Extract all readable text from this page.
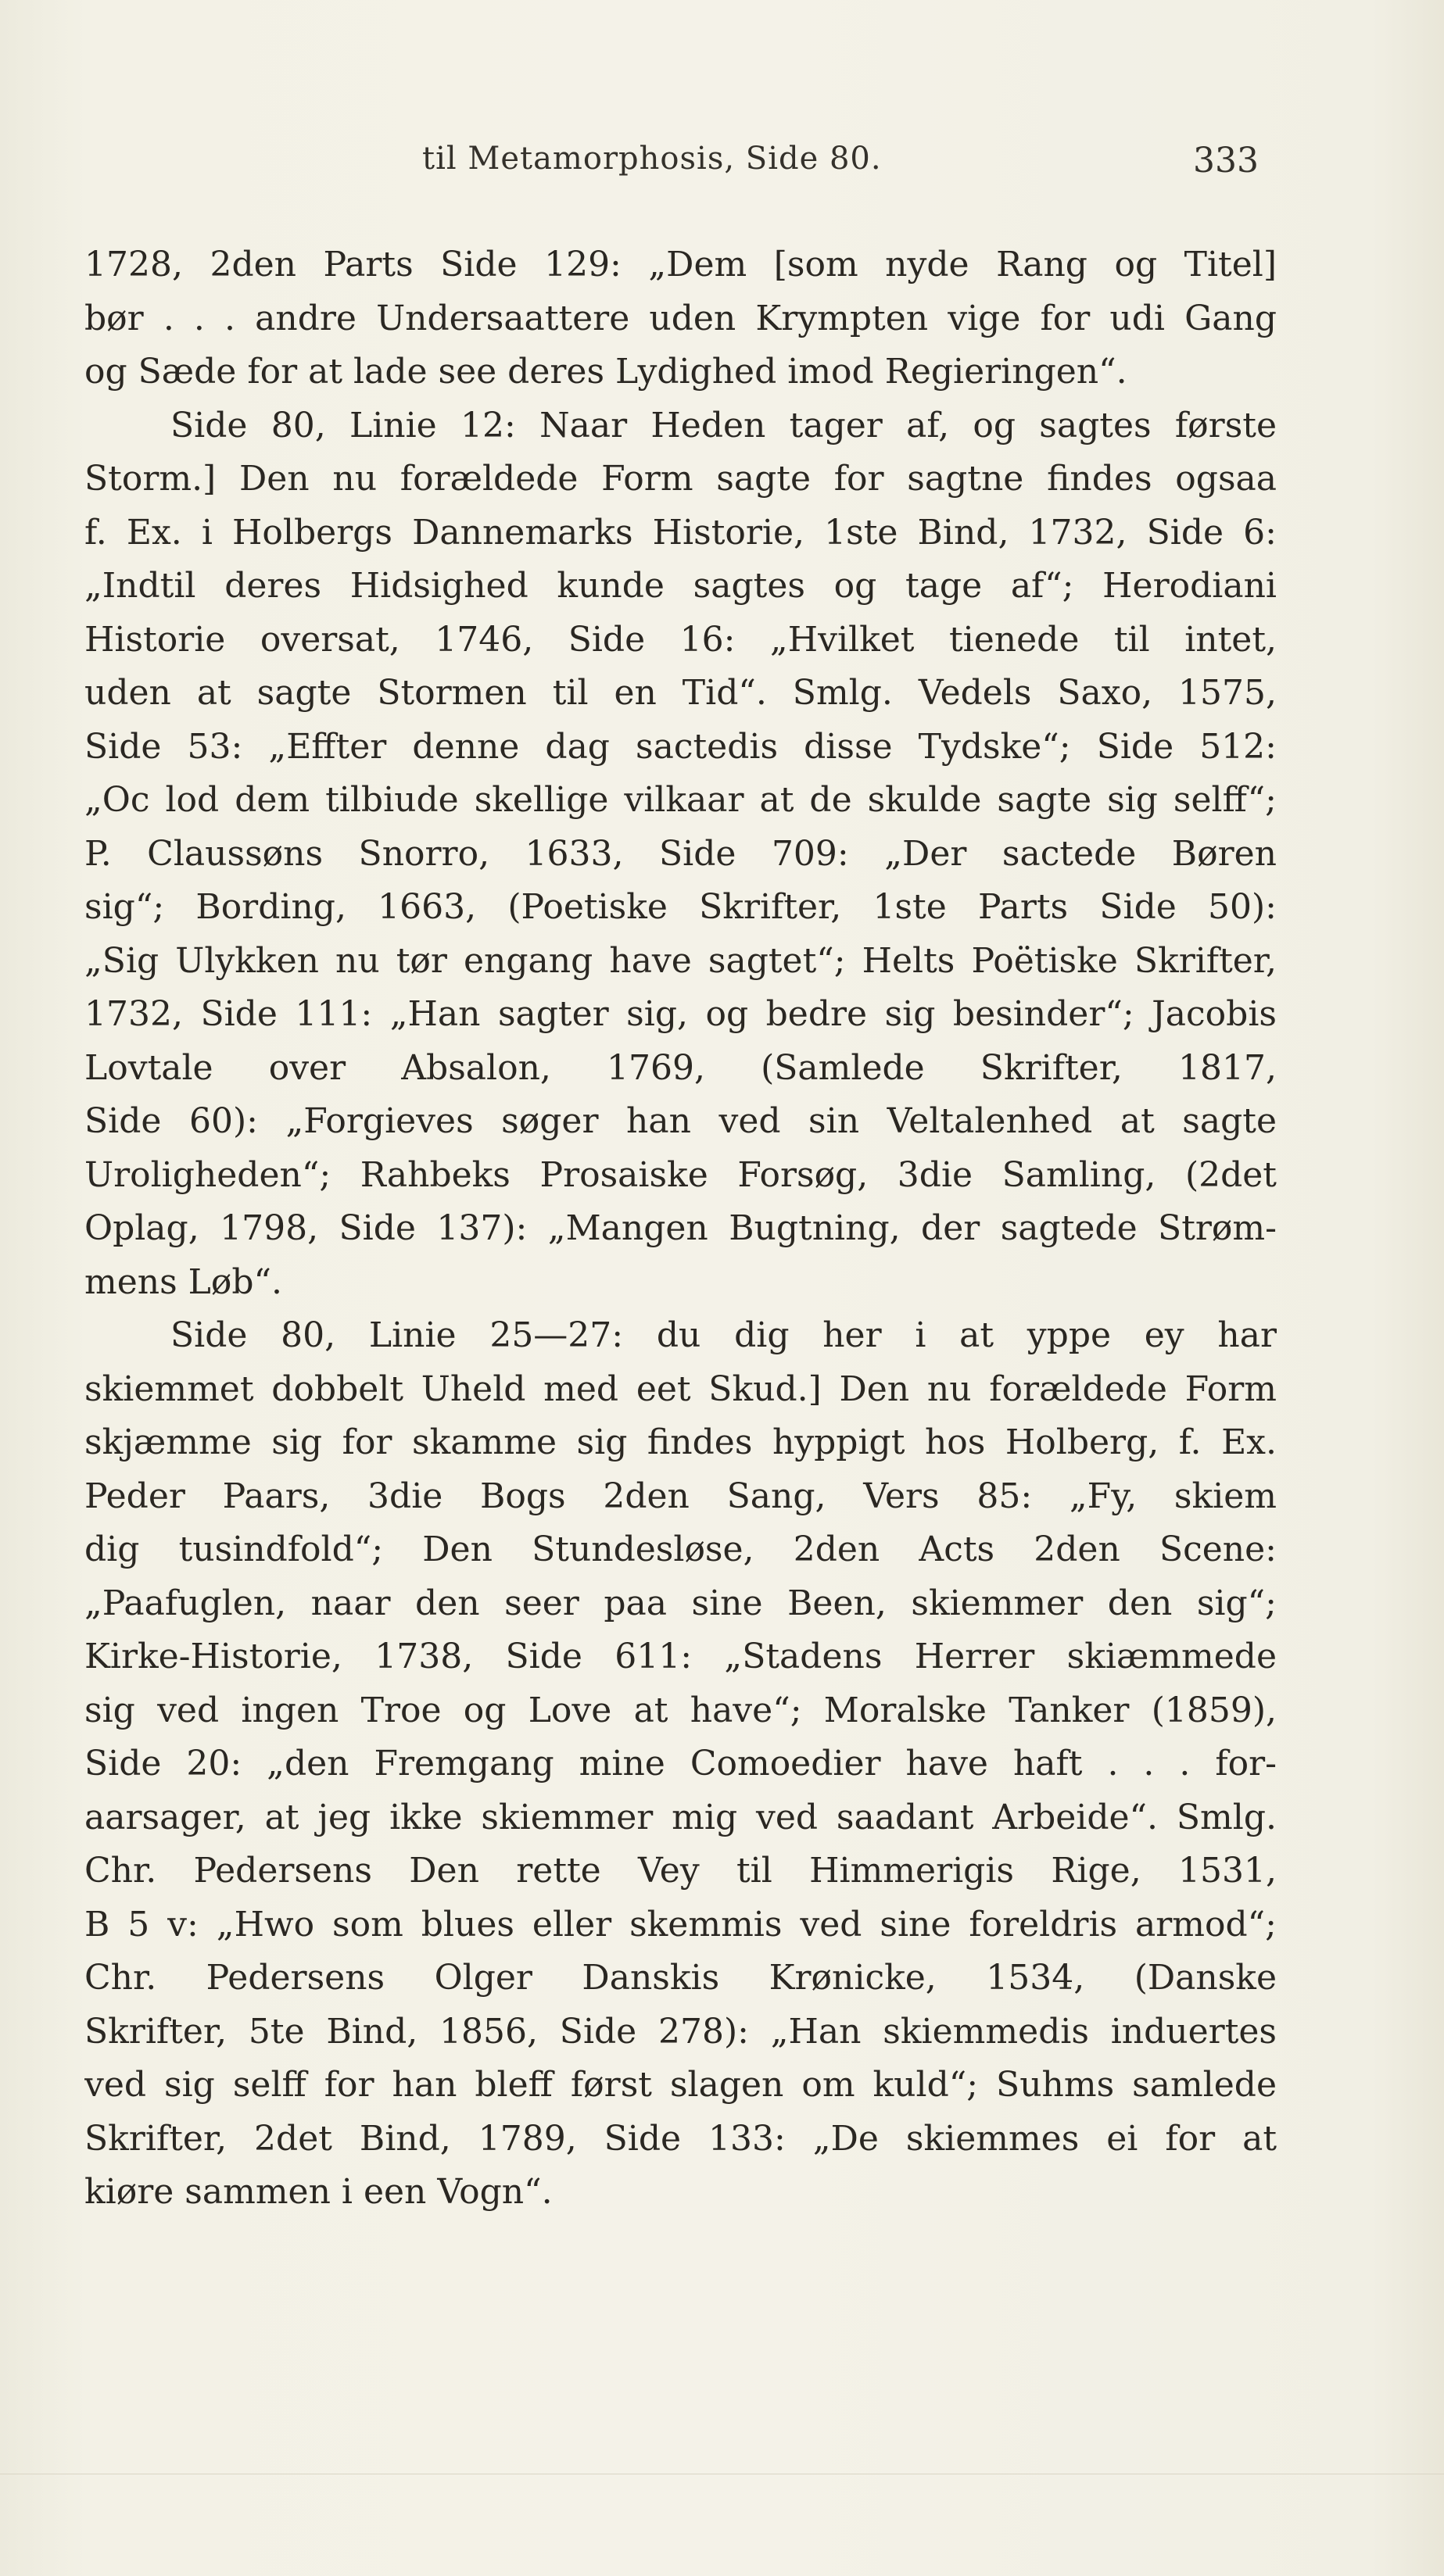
til Metamorphosis, Side 80.	333
1728, 2den Parts Side 129: „Dem [som nyde Rang og Titel]
bør . . . andre Undersaattere uden Krympten vige for udi Gang
og Sæde for at lade see deres Lydighed imod Regieringen“.
Side 80, Linie 12: Naar Heden tager af, og sagtes første
Storm.] Den nu forældede Form sagte for sagtne findes ogsaa
f. Ex. i Holbergs Dannemarks Historie, 1ste Bind, 1732, Side 6:
„Indtil deres Hidsighed kunde sagtes og tage af“; Herodiani
Historie oversat, 1746, Side 16: „Hvilket tienede til intet,
uden at sagte Stormen til en Tid“. Smlg. Vedels Saxo, 1575,
Side 53: „Effter denne dag sactedis disse Tydske“; Side 512:
„Oc lod dem tilbiude skellige vilkaar at de skulde sagte sig selff“;
P. Claussøns Snorro, 1633, Side 709: „Der sactede Børen
sig“; Bording, 1663, (Poetiske Skrifter, 1ste Parts Side 50):
„Sig Ulykken nu tør engang have sagtet“; Helts Poëtiske Skrifter,
1732, Side 111: „Han sagter sig, og bedre sig besinder“; Jacobis
Lovtale over Absalon, 1769, (Samlede Skrifter, 1817,
Side 60): „Forgieves søger han ved sin Veltalenhed at sagte
Uroligheden“; Rahbeks Prosaiske Forsøg, 3die Samling, (2det
Oplag, 1798, Side 137): „Mangen Bugtning, der sagtede Strøm-
mens Løb“.
Side 80, Linie 25—27: du dig her i at yppe ey har
skiemmet dobbelt Uheld med eet Skud.] Den nu forældede Form
skjæmme sig for skamme sig findes hyppigt hos Holberg, f. Ex.
Peder Paars, 3die Bogs 2den Sang, Vers 85: „Fy, skiem
dig tusindfold“; Den Stundesløse, 2den Acts 2den Scene:
„Paafuglen, naar den seer paa sine Been, skiemmer den sig“;
Kirke-Historie, 1738, Side 611: „Stadens Herrer skiæmmede
sig ved ingen Troe og Love at have“; Moralske Tanker (1859),
Side 20: „den Fremgang mine Comoedier have haft . . . for-
aarsager, at jeg ikke skiemmer mig ved saadant Arbeide“. Smlg.
Chr. Pedersens Den rette Vey til Himmerigis Rige, 1531,
B 5 v: „Hwo som blues eller skemmis ved sine foreldris armod“;
Chr. Pedersens Olger Danskis Krønicke, 1534, (Danske
Skrifter, 5te Bind, 1856, Side 278): „Han skiemmedis induertes
ved sig selff for han bleff først slagen om kuld“; Suhms samlede
Skrifter, 2det Bind, 1789, Side 133: „De skiemmes ei for at
kiøre sammen i een Vogn“.
